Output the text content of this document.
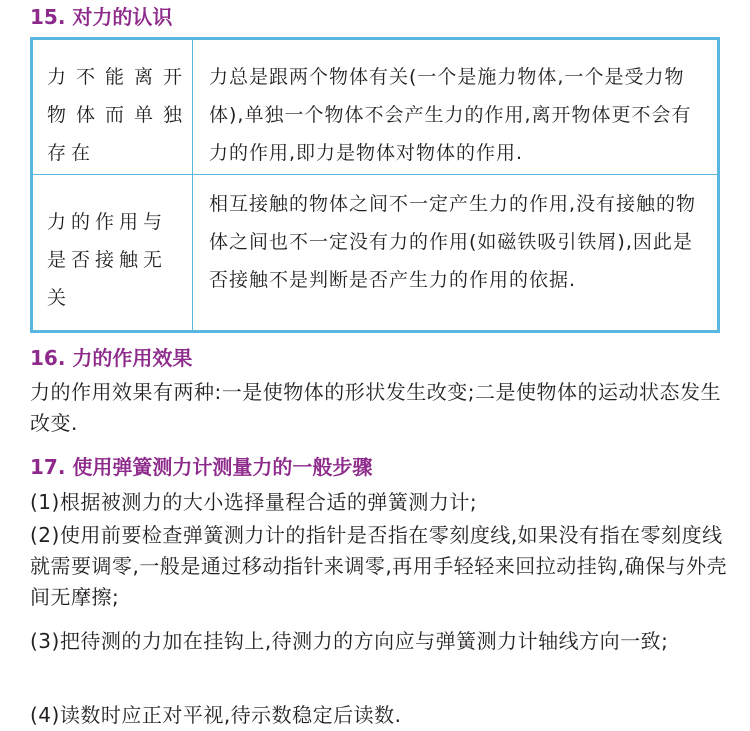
15. 对力的认识
力不能离开物体而单独存在
力总是跟两个物体有关(一个是施力物体,一个是受力物体),单独一个物体不会产生力的作用,离开物体更不会有力的作用,即力是物体对物体的作用.
力的作用与是否接触无关
相互接触的物体之间不一定产生力的作用,没有接触的物体之间也不一定没有力的作用(如磁铁吸引铁屑),因此是否接触不是判断是否产生力的作用的依据.
16. 力的作用效果
力的作用效果有两种:一是使物体的形状发生改变;二是使物体的运动状态发生改变.
17. 使用弹簧测力计测量力的一般步骤
(1)根据被测力的大小选择量程合适的弹簧测力计;
(2)使用前要检查弹簧测力计的指针是否指在零刻度线,如果没有指在零刻度线就需要调零,一般是通过移动指针来调零,再用手轻轻来回拉动挂钩,确保与外壳间无摩擦;
(3)把待测的力加在挂钩上,待测力的方向应与弹簧测力计轴线方向一致;
(4)读数时应正对平视,待示数稳定后读数.
